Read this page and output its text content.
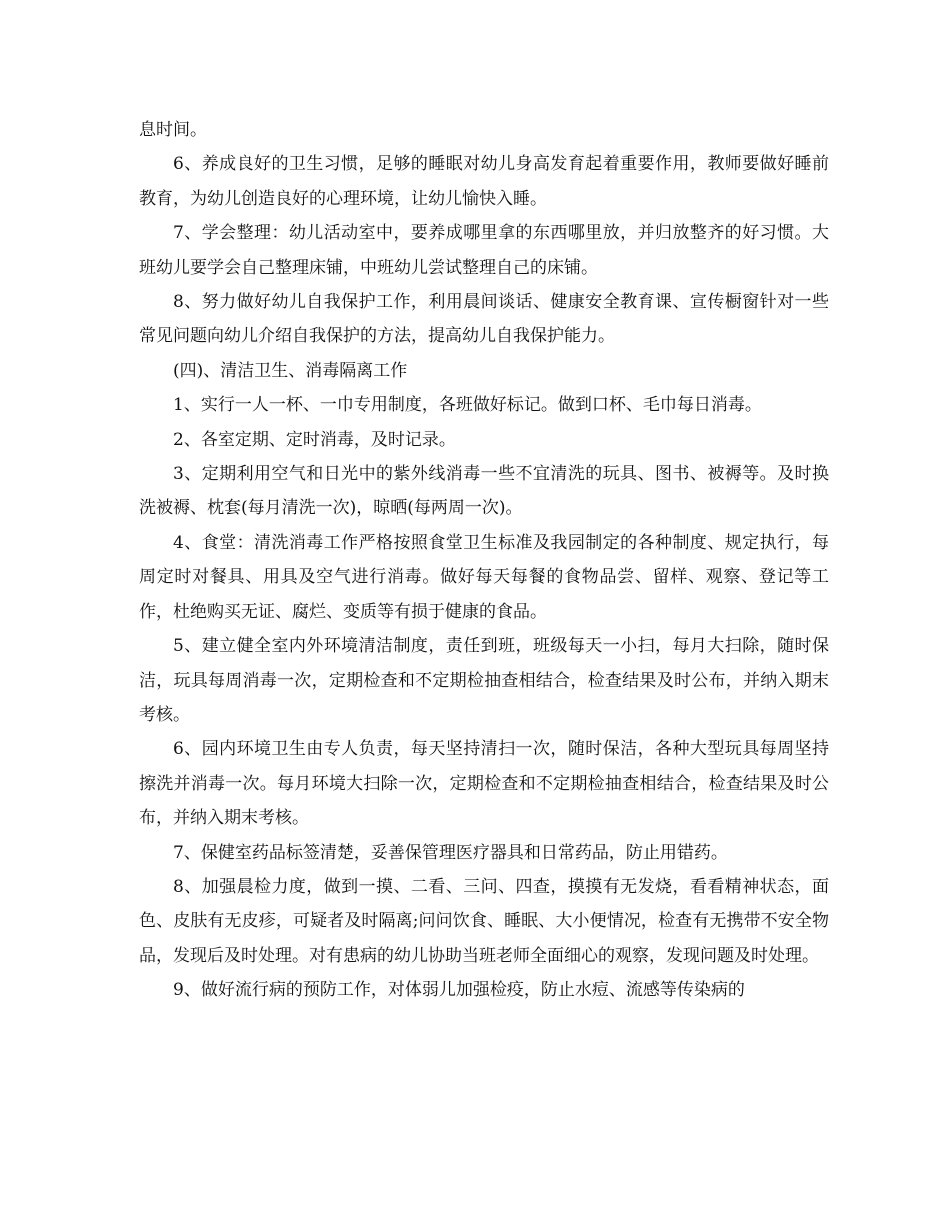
息时间。

6、养成良好的卫生习惯，足够的睡眠对幼儿身高发育起着重要作用，教师要做好睡前教育，为幼儿创造良好的心理环境，让幼儿愉快入睡。

7、学会整理：幼儿活动室中，要养成哪里拿的东西哪里放，并归放整齐的好习惯。大班幼儿要学会自己整理床铺，中班幼儿尝试整理自己的床铺。

8、努力做好幼儿自我保护工作，利用晨间谈话、健康安全教育课、宣传橱窗针对一些常见问题向幼儿介绍自我保护的方法，提高幼儿自我保护能力。

(四)、清洁卫生、消毒隔离工作

1、实行一人一杯、一巾专用制度，各班做好标记。做到口杯、毛巾每日消毒。

2、各室定期、定时消毒，及时记录。

3、定期利用空气和日光中的紫外线消毒一些不宜清洗的玩具、图书、被褥等。及时换洗被褥、枕套(每月清洗一次)，晾晒(每两周一次)。

4、食堂：清洗消毒工作严格按照食堂卫生标准及我园制定的各种制度、规定执行，每周定时对餐具、用具及空气进行消毒。做好每天每餐的食物品尝、留样、观察、登记等工作，杜绝购买无证、腐烂、变质等有损于健康的食品。

5、建立健全室内外环境清洁制度，责任到班，班级每天一小扫，每月大扫除，随时保洁，玩具每周消毒一次，定期检查和不定期检抽查相结合，检查结果及时公布，并纳入期末考核。

6、园内环境卫生由专人负责，每天坚持清扫一次，随时保洁，各种大型玩具每周坚持擦洗并消毒一次。每月环境大扫除一次，定期检查和不定期检抽查相结合，检查结果及时公布，并纳入期末考核。

7、保健室药品标签清楚，妥善保管理医疗器具和日常药品，防止用错药。

8、加强晨检力度，做到一摸、二看、三问、四查，摸摸有无发烧，看看精神状态，面色、皮肤有无皮疹，可疑者及时隔离;问问饮食、睡眠、大小便情况，检查有无携带不安全物品，发现后及时处理。对有患病的幼儿协助当班老师全面细心的观察，发现问题及时处理。

9、做好流行病的预防工作，对体弱儿加强检疫，防止水痘、流感等传染病的
